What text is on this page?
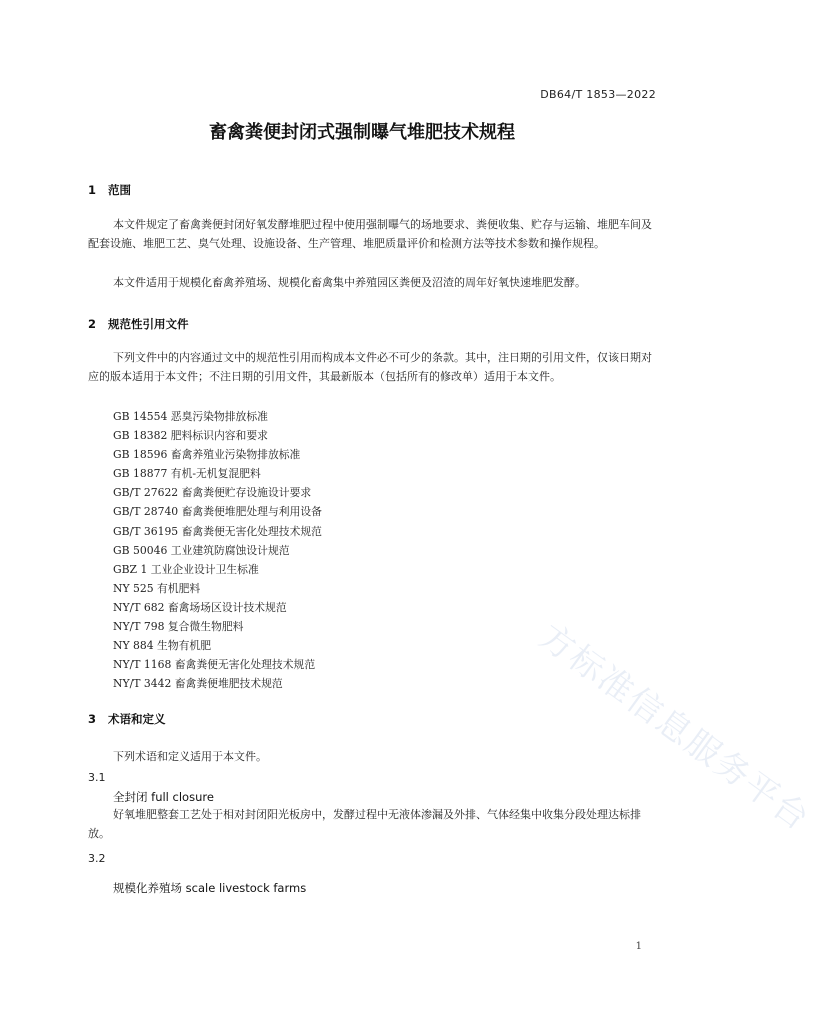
DB64/T 1853—2022
畜禽粪便封闭式强制曝气堆肥技术规程
1 范围
本文件规定了畜禽粪便封闭好氧发酵堆肥过程中使用强制曝气的场地要求、粪便收集、贮存与运输、堆肥车间及配套设施、堆肥工艺、臭气处理、设施设备、生产管理、堆肥质量评价和检测方法等技术参数和操作规程。
本文件适用于规模化畜禽养殖场、规模化畜禽集中养殖园区粪便及沼渣的周年好氧快速堆肥发酵。
2 规范性引用文件
下列文件中的内容通过文中的规范性引用而构成本文件必不可少的条款。其中，注日期的引用文件，仅该日期对应的版本适用于本文件；不注日期的引用文件，其最新版本（包括所有的修改单）适用于本文件。
GB 14554 恶臭污染物排放标准
GB 18382 肥料标识内容和要求
GB 18596 畜禽养殖业污染物排放标准
GB 18877 有机-无机复混肥料
GB/T 27622 畜禽粪便贮存设施设计要求
GB/T 28740 畜禽粪便堆肥处理与利用设备
GB/T 36195 畜禽粪便无害化处理技术规范
GB 50046 工业建筑防腐蚀设计规范
GBZ 1 工业企业设计卫生标准
NY 525 有机肥料
NY/T 682 畜禽场场区设计技术规范
NY/T 798 复合微生物肥料
NY 884 生物有机肥
NY/T 1168 畜禽粪便无害化处理技术规范
NY/T 3442 畜禽粪便堆肥技术规范
3 术语和定义
下列术语和定义适用于本文件。
3.1
全封闭 full closure
好氧堆肥整套工艺处于相对封闭阳光板房中，发酵过程中无液体渗漏及外排、气体经集中收集分段处理达标排放。
3.2
规模化养殖场 scale livestock farms
方标准信息服务平台
1
